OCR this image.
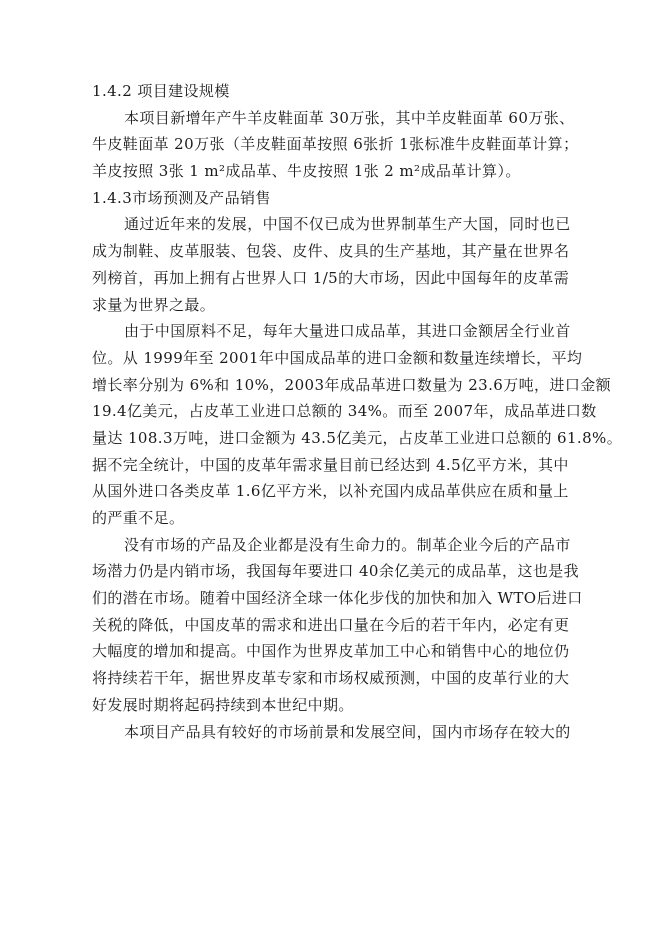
1.4.2 项目建设规模
本项目新增年产牛羊皮鞋面革 30万张，其中羊皮鞋面革 60万张、
牛皮鞋面革 20万张（羊皮鞋面革按照 6张折 1张标准牛皮鞋面革计算；
羊皮按照 3张 1 m²成品革、牛皮按照 1张 2 m²成品革计算）。
1.4.3市场预测及产品销售
通过近年来的发展，中国不仅已成为世界制革生产大国，同时也已
成为制鞋、皮革服装、包袋、皮件、皮具的生产基地，其产量在世界名
列榜首，再加上拥有占世界人口 1/5的大市场，因此中国每年的皮革需
求量为世界之最。
由于中国原料不足，每年大量进口成品革，其进口金额居全行业首
位。从 1999年至 2001年中国成品革的进口金额和数量连续增长，平均
增长率分别为 6%和 10%，2003年成品革进口数量为 23.6万吨，进口金额
19.4亿美元，占皮革工业进口总额的 34%。而至 2007年，成品革进口数
量达 108.3万吨，进口金额为 43.5亿美元，占皮革工业进口总额的 61.8%。
据不完全统计，中国的皮革年需求量目前已经达到 4.5亿平方米，其中
从国外进口各类皮革 1.6亿平方米，以补充国内成品革供应在质和量上
的严重不足。
没有市场的产品及企业都是没有生命力的。制革企业今后的产品市
场潜力仍是内销市场，我国每年要进口 40余亿美元的成品革，这也是我
们的潜在市场。随着中国经济全球一体化步伐的加快和加入 WTO后进口
关税的降低，中国皮革的需求和进出口量在今后的若干年内，必定有更
大幅度的增加和提高。中国作为世界皮革加工中心和销售中心的地位仍
将持续若干年，据世界皮革专家和市场权威预测，中国的皮革行业的大
好发展时期将起码持续到本世纪中期。
本项目产品具有较好的市场前景和发展空间，国内市场存在较大的
